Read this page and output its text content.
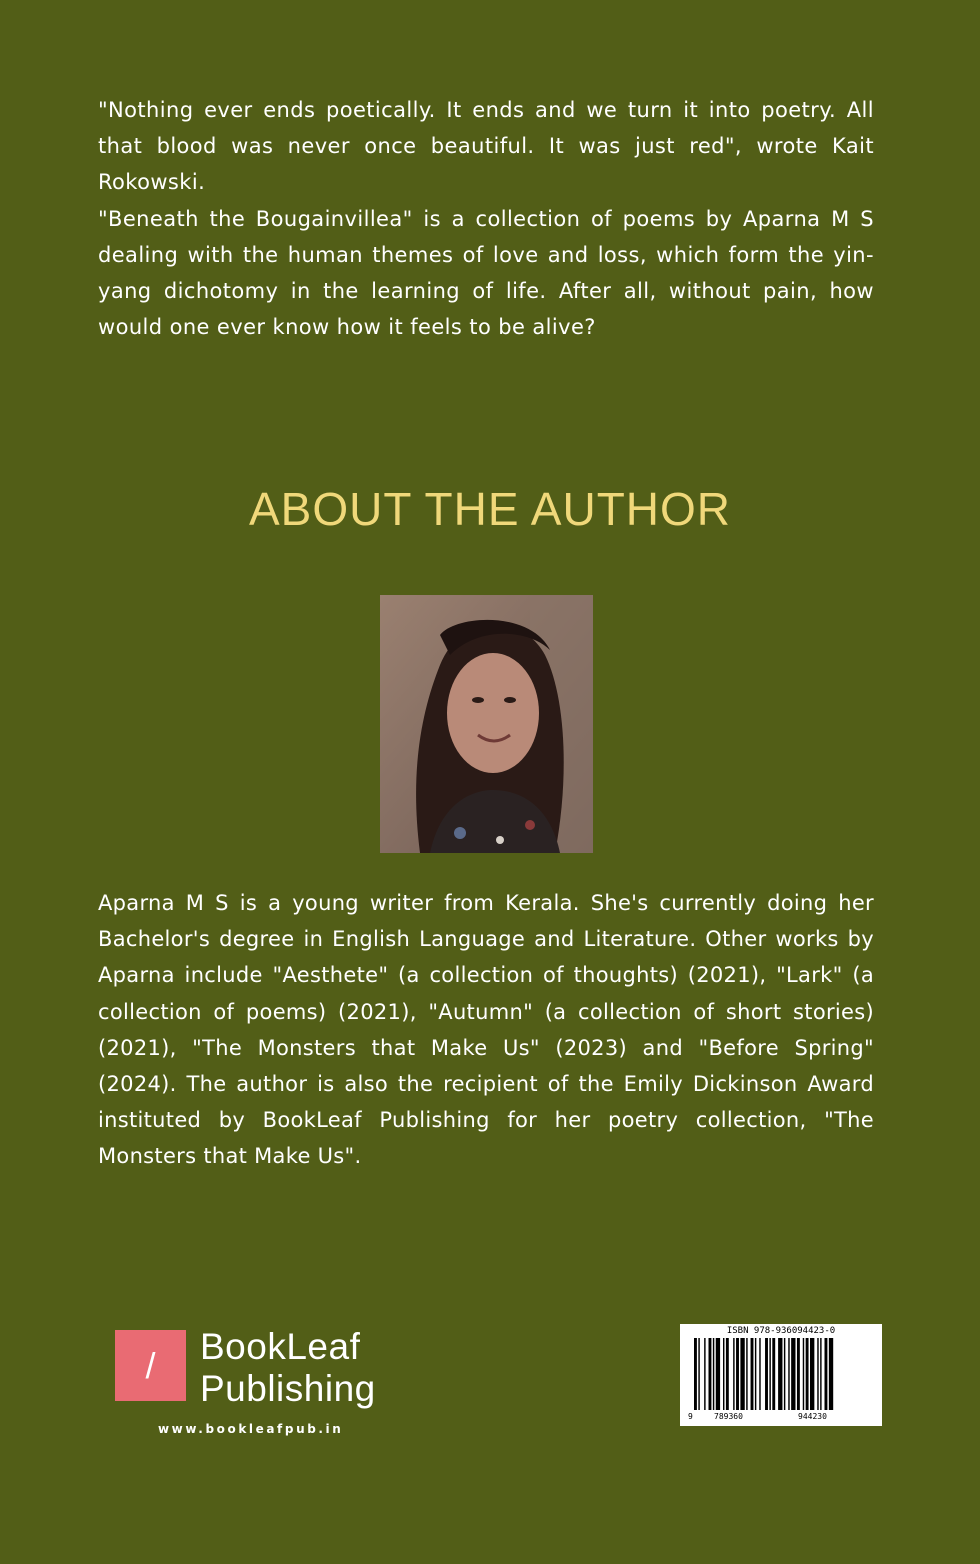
"Nothing ever ends poetically. It ends and we turn it into poetry. All that blood was never once beautiful. It was just red", wrote Kait Rokowski.

"Beneath the Bougainvillea" is a collection of poems by Aparna M S dealing with the human themes of love and loss, which form the yin-yang dichotomy in the learning of life. After all, without pain, how would one ever know how it feels to be alive?

ABOUT THE AUTHOR

Aparna M S is a young writer from Kerala. She's currently doing her Bachelor's degree in English Language and Literature. Other works by Aparna include "Aesthete" (a collection of thoughts) (2021), "Lark" (a collection of poems) (2021), "Autumn" (a collection of short stories) (2021), "The Monsters that Make Us" (2023) and "Before Spring" (2024). The author is also the recipient of the Emily Dickinson Award instituted by BookLeaf Publishing for her poetry collection, "The Monsters that Make Us".

/ BookLeaf
Publishing
www.bookleafpub.in
ISBN 978-936094423-0
9	789360	944230
